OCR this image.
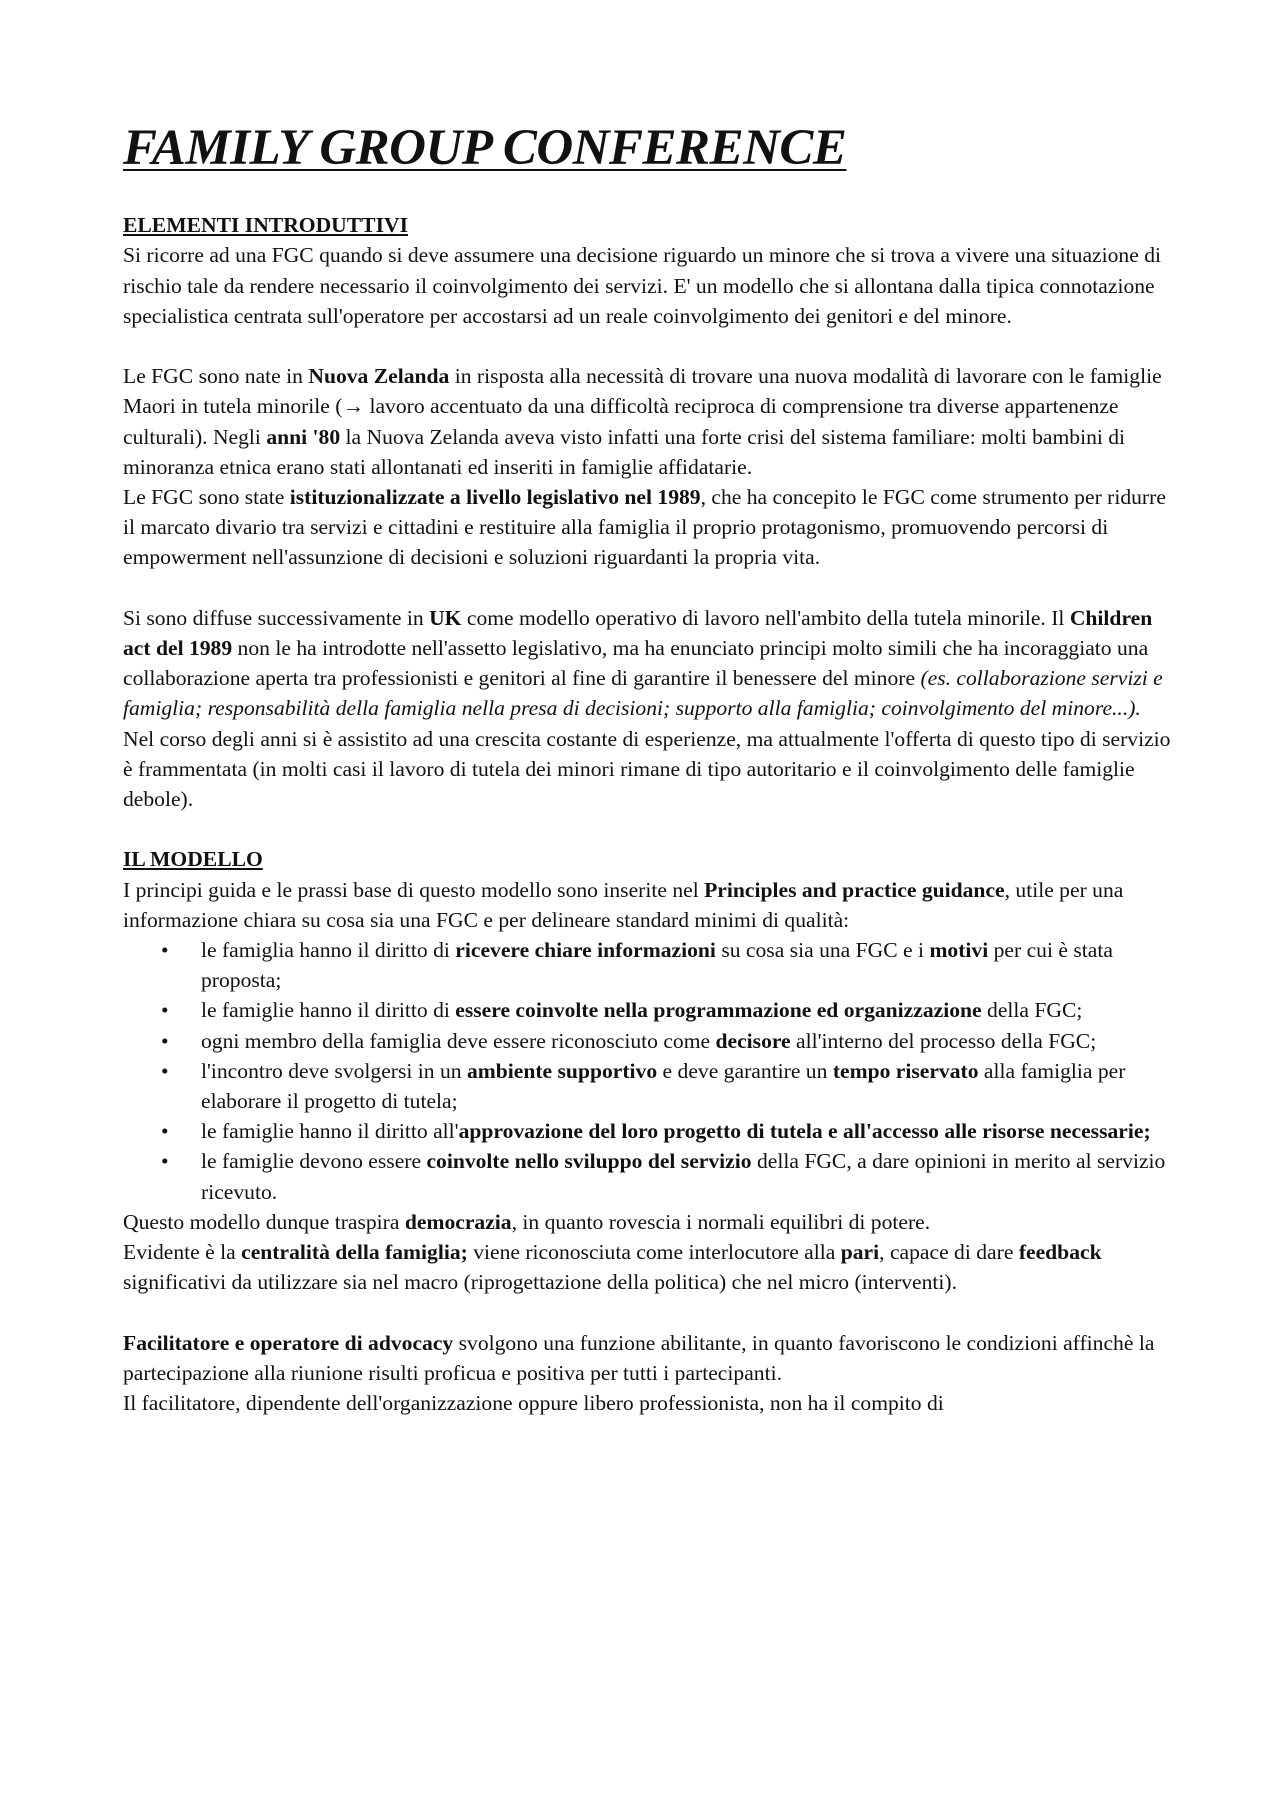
FAMILY GROUP CONFERENCE

ELEMENTI INTRODUTTIVI

Si ricorre ad una FGC quando si deve assumere una decisione riguardo un minore che si trova a vivere una situazione di rischio tale da rendere necessario il coinvolgimento dei servizi. E' un modello che si allontana dalla tipica connotazione specialistica centrata sull'operatore per accostarsi ad un reale coinvolgimento dei genitori e del minore.

Le FGC sono nate in Nuova Zelanda in risposta alla necessità di trovare una nuova modalità di lavorare con le famiglie Maori in tutela minorile (→ lavoro accentuato da una difficoltà reciproca di comprensione tra diverse appartenenze culturali). Negli anni '80 la Nuova Zelanda aveva visto infatti una forte crisi del sistema familiare: molti bambini di minoranza etnica erano stati allontanati ed inseriti in famiglie affidatarie.

Le FGC sono state istituzionalizzate a livello legislativo nel 1989, che ha concepito le FGC come strumento per ridurre il marcato divario tra servizi e cittadini e restituire alla famiglia il proprio protagonismo, promuovendo percorsi di empowerment nell'assunzione di decisioni e soluzioni riguardanti la propria vita.

Si sono diffuse successivamente in UK come modello operativo di lavoro nell'ambito della tutela minorile. Il Children act del 1989 non le ha introdotte nell'assetto legislativo, ma ha enunciato principi molto simili che ha incoraggiato una collaborazione aperta tra professionisti e genitori al fine di garantire il benessere del minore (es. collaborazione servizi e famiglia; responsabilità della famiglia nella presa di decisioni; supporto alla famiglia; coinvolgimento del minore...).

Nel corso degli anni si è assistito ad una crescita costante di esperienze, ma attualmente l'offerta di questo tipo di servizio è frammentata (in molti casi il lavoro di tutela dei minori rimane di tipo autoritario e il coinvolgimento delle famiglie debole).

IL MODELLO

I principi guida e le prassi base di questo modello sono inserite nel Principles and practice guidance, utile per una informazione chiara su cosa sia una FGC e per delineare standard minimi di qualità:

• le famiglia hanno il diritto di ricevere chiare informazioni su cosa sia una FGC e i motivi per cui è stata proposta;
• le famiglie hanno il diritto di essere coinvolte nella programmazione ed organizzazione della FGC;
• ogni membro della famiglia deve essere riconosciuto come decisore all'interno del processo della FGC;
• l'incontro deve svolgersi in un ambiente supportivo e deve garantire un tempo riservato alla famiglia per elaborare il progetto di tutela;
• le famiglie hanno il diritto all'approvazione del loro progetto di tutela e all'accesso alle risorse necessarie;
• le famiglie devono essere coinvolte nello sviluppo del servizio della FGC, a dare opinioni in merito al servizio ricevuto.

Questo modello dunque traspira democrazia, in quanto rovescia i normali equilibri di potere.

Evidente è la centralità della famiglia; viene riconosciuta come interlocutore alla pari, capace di dare feedback significativi da utilizzare sia nel macro (riprogettazione della politica) che nel micro (interventi).

Facilitatore e operatore di advocacy svolgono una funzione abilitante, in quanto favoriscono le condizioni affinchè la partecipazione alla riunione risulti proficua e positiva per tutti i partecipanti.

Il facilitatore, dipendente dell'organizzazione oppure libero professionista, non ha il compito di
